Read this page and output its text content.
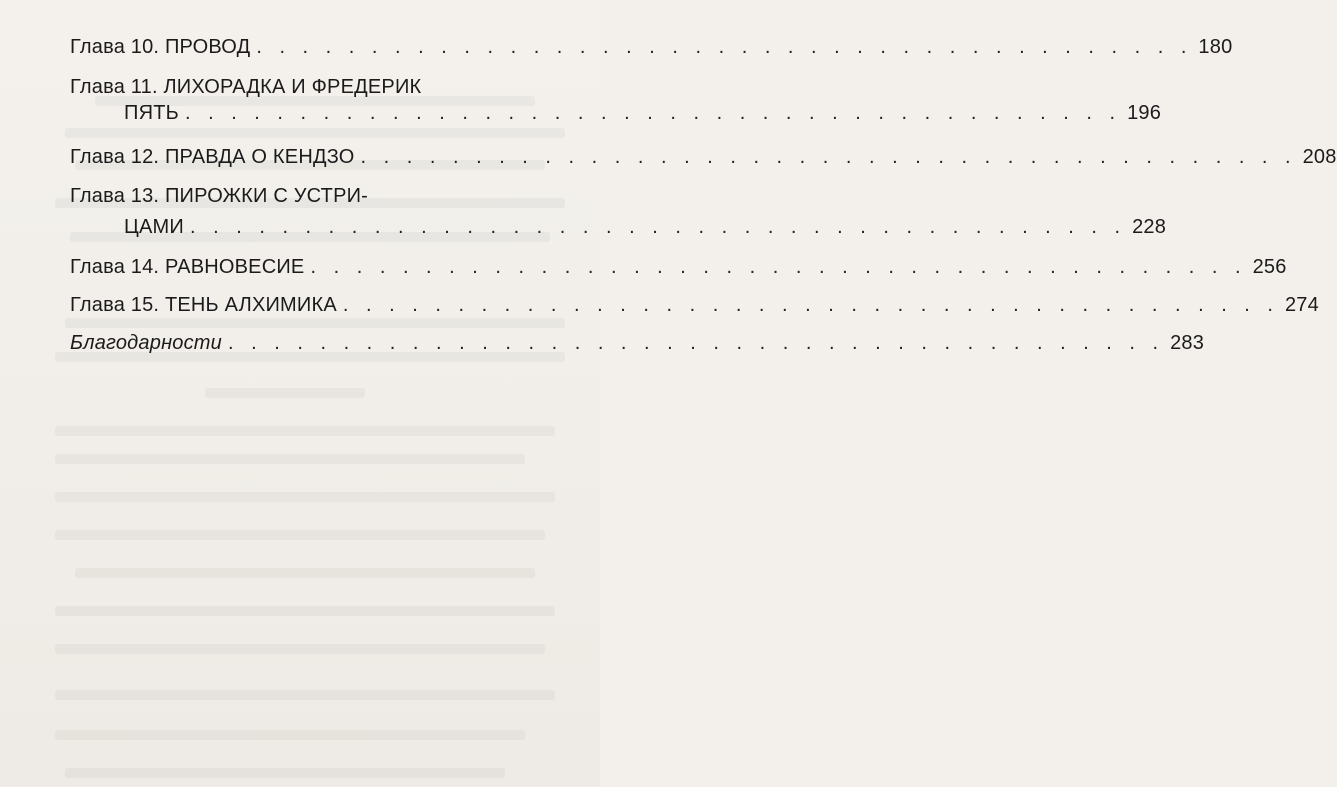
Глава 10. ПРОВОД . . . . . . . . . . . . . . . . . . . . . . . . . . . . . . . . . . . . . . . . . 180
Глава 11. ЛИХОРАДКА И ФРЕДЕРИК
ПЯТЬ . . . . . . . . . . . . . . . . . . . . . . . . . . . . . . . . . . . . . . . . . 196
Глава 12. ПРАВДА О КЕНДЗО . . . . . . . . . . . . . . . . . . . . . . . . . . . . . . . . . . . . . . . . . 208
Глава 13. ПИРОЖКИ С УСТРИ-
ЦАМИ . . . . . . . . . . . . . . . . . . . . . . . . . . . . . . . . . . . . . . . . . 228
Глава 14. РАВНОВЕСИЕ . . . . . . . . . . . . . . . . . . . . . . . . . . . . . . . . . . . . . . . . . 256
Глава 15. ТЕНЬ АЛХИМИКА . . . . . . . . . . . . . . . . . . . . . . . . . . . . . . . . . . . . . . . . . 274
Благодарности . . . . . . . . . . . . . . . . . . . . . . . . . . . . . . . . . . . . . . . . . 283
